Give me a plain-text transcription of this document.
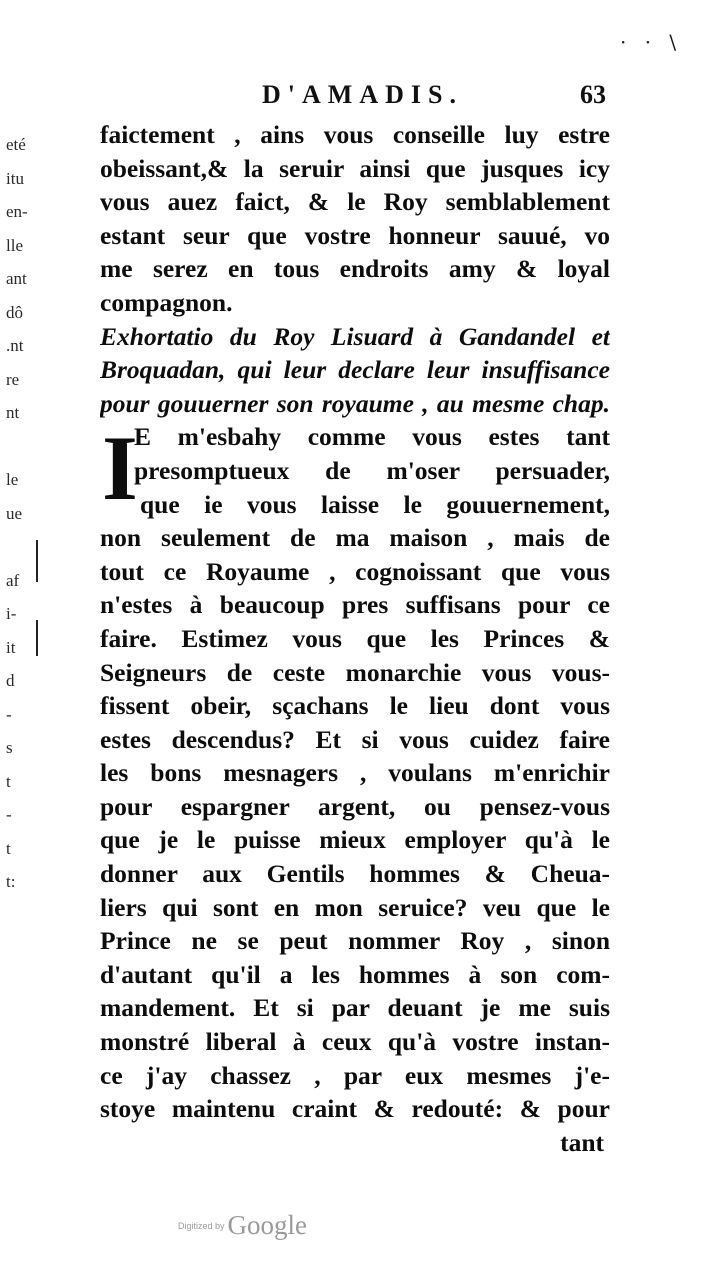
· · \
eté
itu
en-
lle
ant
dô
.nt
re
nt
le
ue
af
i-
it
d
-
s
t
-
t
t:
D'AMADIS.	63
faictement , ains vous conseille luy estre
obeissant,& la seruir ainsi que jusques icy
vous auez faict, & le Roy semblablement
estant seur que vostre honneur sauué, vo
me serez en tous endroits amy & loyal
compagnon.
Exhortatio du Roy Lisuard à Gandandel et
Broquadan, qui leur declare leur insuffisance
pour gouuerner son royaume , au mesme chap.
I
E m'esbahy comme vous estes tant
presomptueux de m'oser persuader,
que ie vous laisse le gouuernement,
non seulement de ma maison , mais de
tout ce Royaume , cognoissant que vous
n'estes à beaucoup pres suffisans pour ce
faire. Estimez vous que les Princes &
Seigneurs de ceste monarchie vous vous-
fissent obeir, sçachans le lieu dont vous
estes descendus? Et si vous cuidez faire
les bons mesnagers , voulans m'enrichir
pour espargner argent, ou pensez-vous
que je le puisse mieux employer qu'à le
donner aux Gentils hommes & Cheua-
liers qui sont en mon seruice? veu que le
Prince ne se peut nommer Roy , sinon
d'autant qu'il a les hommes à son com-
mandement. Et si par deuant je me suis
monstré liberal à ceux qu'à vostre instan-
ce j'ay chassez , par eux mesmes j'e-
stoye maintenu craint & redouté: & pour
tant
Digitized by Google
